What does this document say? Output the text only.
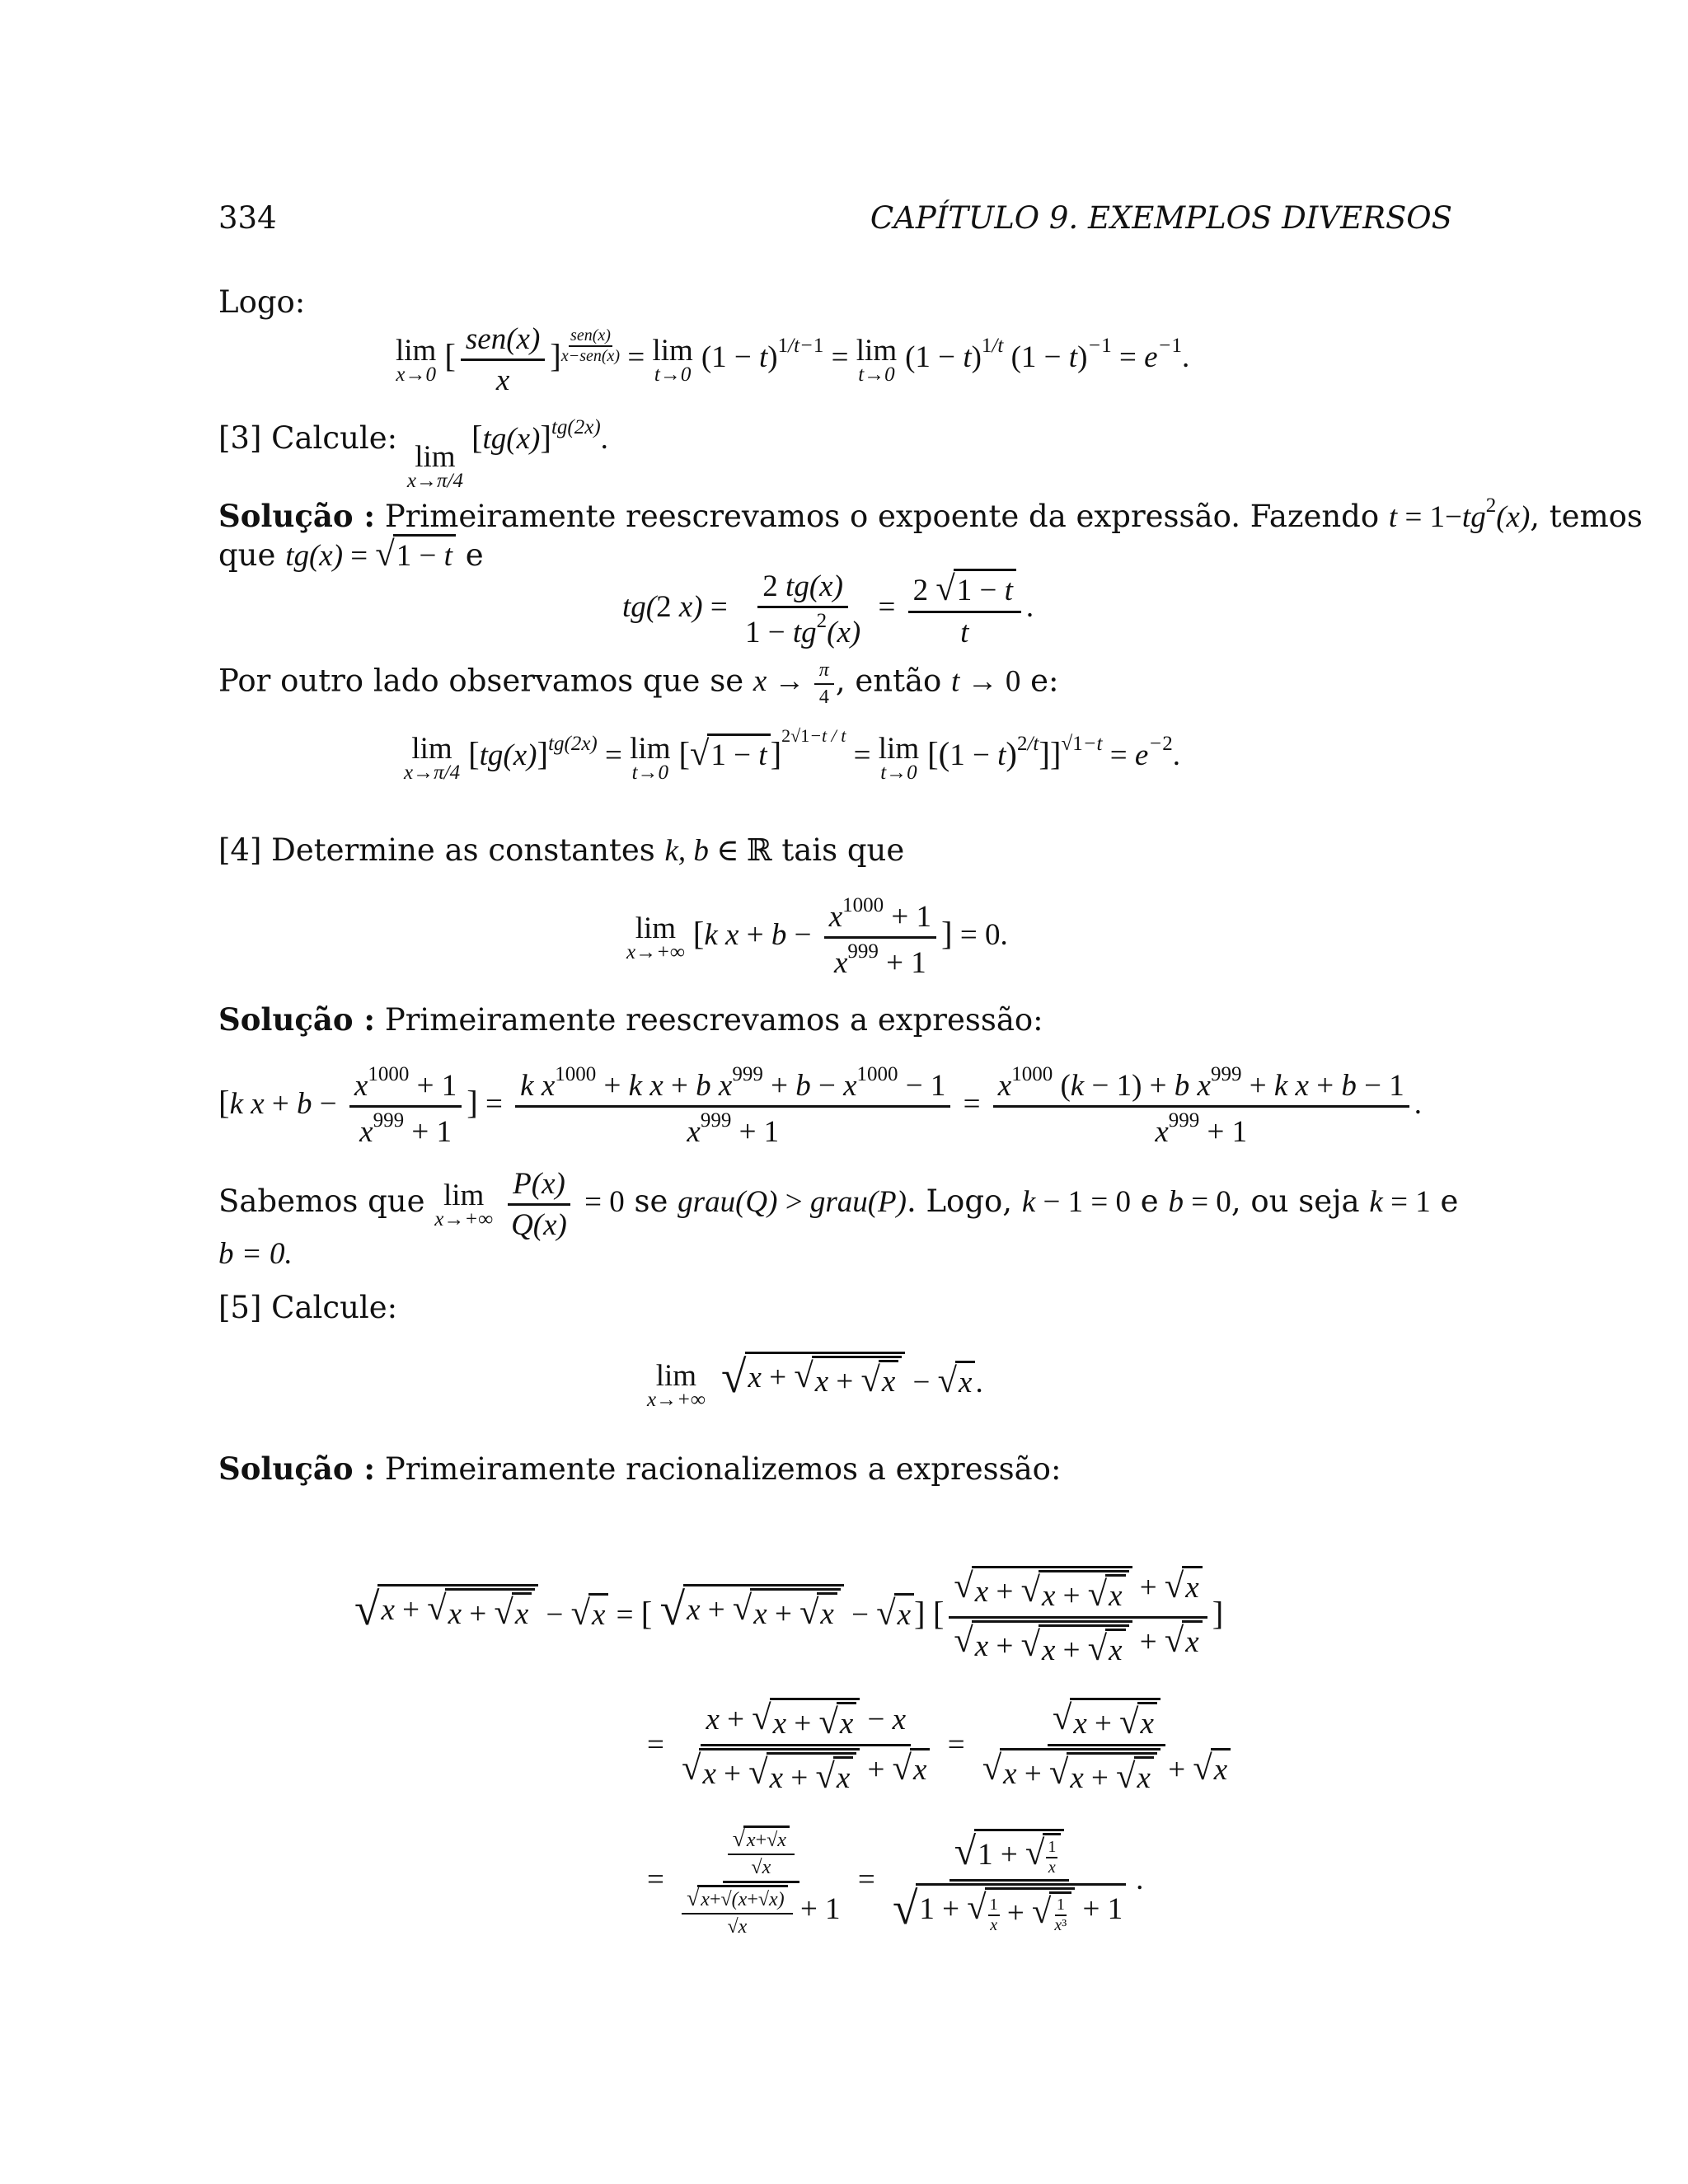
334	CAPÍTULO 9. EXEMPLOS DIVERSOS
Logo:
lim
x→0
[ $\frac{\text{sen(x)}}{x}$ ]
sen(x)
x−sen(x) = lim
t→0
$(1 - t)^{1/t-1} = \lim$
t→0
$(1 - t)^{1/t}$ $(1 - t)^{-1} = e^{-1}$.
[3] Calcule:
lim
x→π/4
$[tg(x)]^{tg(2x)}$.
Solução : Primeiramente reescrevamos o expoente da expressão. Fazendo $t = 1-tg^2(x)$, temos
que tg(x) = √ 1 − t e
tg(2 $x) = \frac{2 tg(x)}{1 - tg^2(x)} = \frac{2 √ 1 - t}{t}$ .
Por outro lado observamos que se $x \to \frac{\pi}{4}$ , então t → 0 e:
lim
x→π/4
$[tg(x)]^{tg(2x)} = \lim$
t→0
[ √ 1 − t ]$^{2√1-t / t}$ = lim
t→0
$[(1 - t)^{2/t}]]^{√1-t} = e^{-2}$.
[4] Determine as constantes k, b ∈ ℝ tais que
lim
x→+∞
[k $x + b - \frac{x^{1000} + 1}{x^{999} + 1}$ ] = 0.
Solução : Primeiramente reescrevamos a expressão:
[k $x + b - \frac{x^{1000} + 1}{x^{999} + 1}$ ] = $\frac{k x^{1000} + k x + b x^{999} + b - x^{1000} - 1}{x^{999} + 1} = \frac{x^{1000} (k - 1) + b x^{999} + k x + b - 1}{x^{999} + 1}$ .
Sabemos que lim
$x\to+\infty \frac{P(x)}{Q(x)} = 0$ se grau(Q) > grau(P). Logo, k − 1 = 0 e b = 0, ou seja k = 1 e
b = 0.
[5] Calcule:
lim
x→+∞
√ x + √ x + √ x − √ x .
Solução : Primeiramente racionalizemos a expressão:
√ x + √ x + √ x − √ x = [ √ x + √ x + √ x − √ x ] [ $\frac{√ x + √ x + √ x + √ x}{√ x + √ x + √ x + √ x}$ ]
= $\frac{x + √ x + √ x - x}{√ x + √ x + √ x + √ x} = \frac{√ x + √ x}{√ x + √ x + √ x + √ x}$
= $\frac{\frac{√ x+√x}{√x}}{\frac{√ x+√(x+√x)}{√x} + 1} = \frac{√ 1 + √ \frac{1}{x}}{√ 1 + √ \frac{1}{x} + √ \frac{1}{\text{x³}} + 1}$ .
